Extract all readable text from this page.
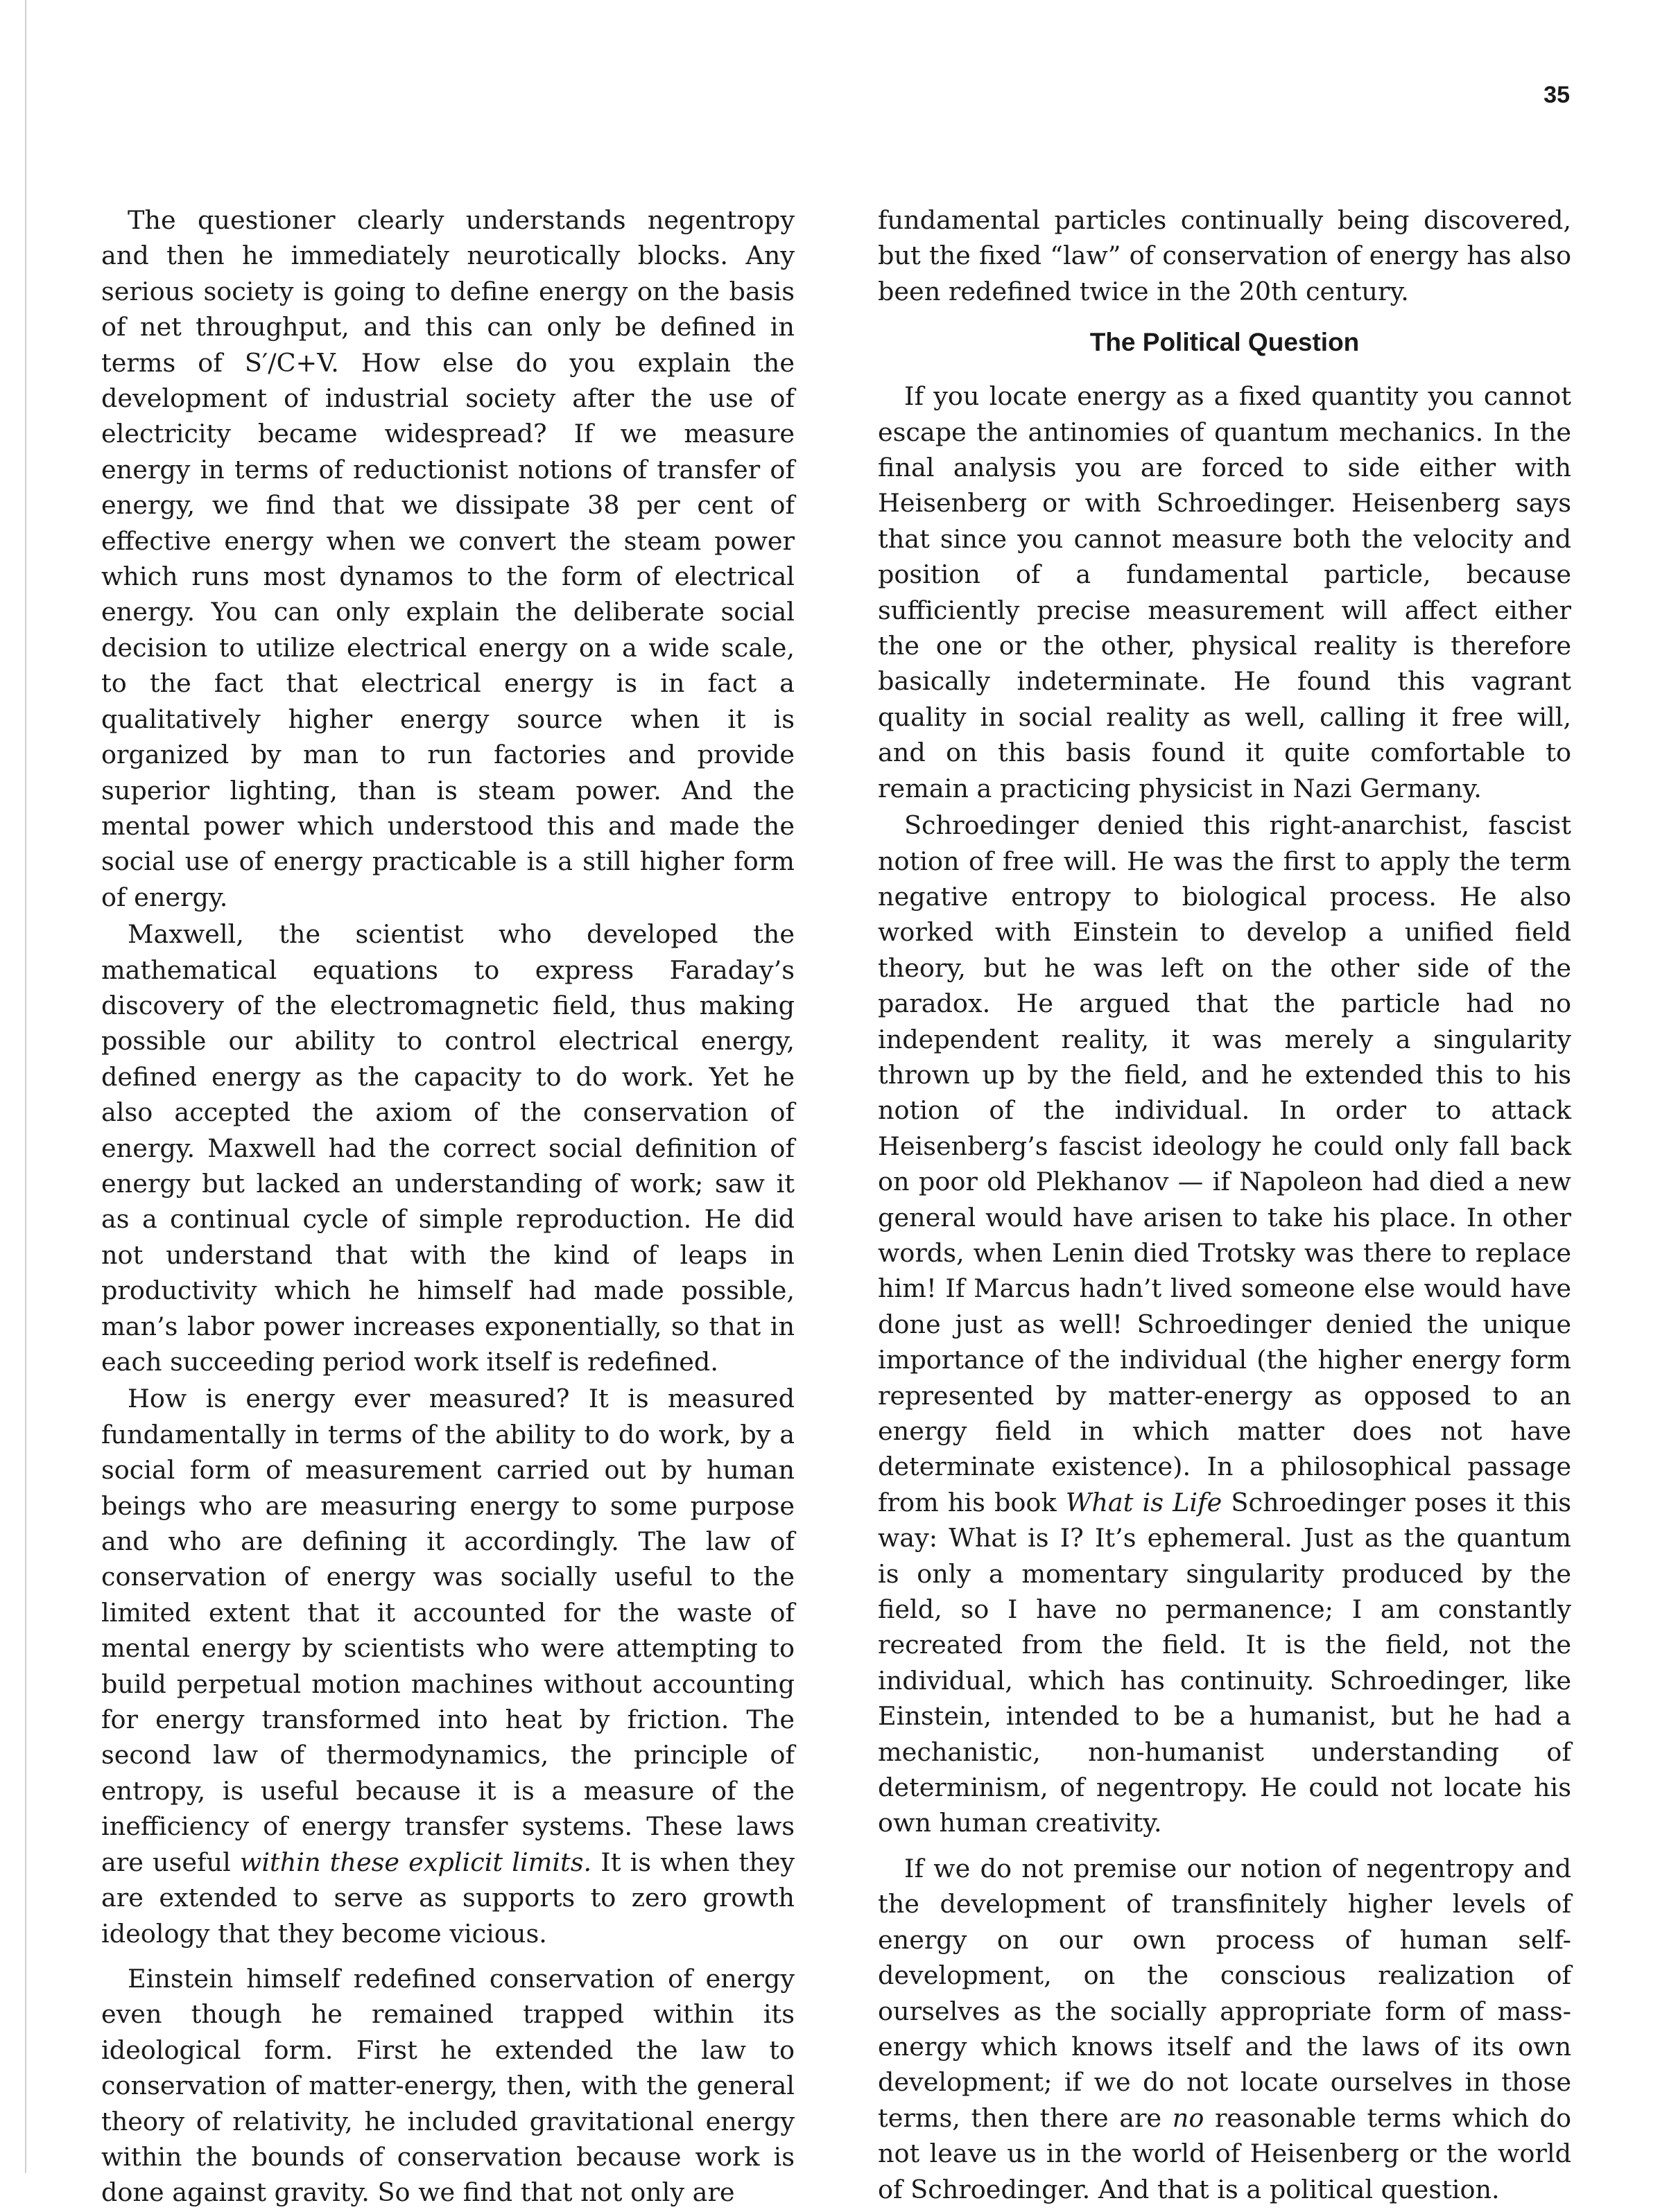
35

The questioner clearly understands negentropy and then he immediately neurotically blocks. Any serious society is going to define energy on the basis of net throughput, and this can only be defined in terms of S′/C+V. How else do you explain the development of industrial society after the use of electricity became widespread? If we measure energy in terms of reductionist notions of transfer of energy, we find that we dissipate 38 per cent of effective energy when we convert the steam power which runs most dynamos to the form of electrical energy. You can only explain the deliberate social decision to utilize electrical energy on a wide scale, to the fact that electrical energy is in fact a qualitatively higher energy source when it is organized by man to run factories and provide superior lighting, than is steam power. And the mental power which understood this and made the social use of energy practicable is a still higher form of energy.

Maxwell, the scientist who developed the mathematical equations to express Faraday’s discovery of the electromagnetic field, thus making possible our ability to control electrical energy, defined energy as the capacity to do work. Yet he also accepted the axiom of the conservation of energy. Maxwell had the correct social definition of energy but lacked an understanding of work; saw it as a continual cycle of simple reproduction. He did not understand that with the kind of leaps in productivity which he himself had made possible, man’s labor power increases exponentially, so that in each succeeding period work itself is redefined.

How is energy ever measured? It is measured fundamentally in terms of the ability to do work, by a social form of measurement carried out by human beings who are measuring energy to some purpose and who are defining it accordingly. The law of conservation of energy was socially useful to the limited extent that it accounted for the waste of mental energy by scientists who were attempting to build perpetual motion machines without accounting for energy transformed into heat by friction. The second law of thermodynamics, the principle of entropy, is useful because it is a measure of the inefficiency of energy transfer systems. These laws are useful within these explicit limits. It is when they are extended to serve as supports to zero growth ideology that they become vicious.

Einstein himself redefined conservation of energy even though he remained trapped within its ideological form. First he extended the law to conservation of matter-energy, then, with the general theory of relativity, he included gravitational energy within the bounds of conservation because work is done against gravity. So we find that not only are

fundamental particles continually being discovered, but the fixed “law” of conservation of energy has also been redefined twice in the 20th century.

The Political Question

If you locate energy as a fixed quantity you cannot escape the antinomies of quantum mechanics. In the final analysis you are forced to side either with Heisenberg or with Schroedinger. Heisenberg says that since you cannot measure both the velocity and position of a fundamental particle, because sufficiently precise measurement will affect either the one or the other, physical reality is therefore basically indeterminate. He found this vagrant quality in social reality as well, calling it free will, and on this basis found it quite comfortable to remain a practicing physicist in Nazi Germany.

Schroedinger denied this right-anarchist, fascist notion of free will. He was the first to apply the term negative entropy to biological process. He also worked with Einstein to develop a unified field theory, but he was left on the other side of the paradox. He argued that the particle had no independent reality, it was merely a singularity thrown up by the field, and he extended this to his notion of the individual. In order to attack Heisenberg’s fascist ideology he could only fall back on poor old Plekhanov — if Napoleon had died a new general would have arisen to take his place. In other words, when Lenin died Trotsky was there to replace him! If Marcus hadn’t lived someone else would have done just as well! Schroedinger denied the unique importance of the individual (the higher energy form represented by matter-energy as opposed to an energy field in which matter does not have determinate existence). In a philosophical passage from his book What is Life Schroedinger poses it this way: What is I? It’s ephemeral. Just as the quantum is only a momentary singularity produced by the field, so I have no permanence; I am constantly recreated from the field. It is the field, not the individual, which has continuity. Schroedinger, like Einstein, intended to be a humanist, but he had a mechanistic, non-humanist understanding of determinism, of negentropy. He could not locate his own human creativity.

If we do not premise our notion of negentropy and the development of transfinitely higher levels of energy on our own process of human self-development, on the conscious realization of ourselves as the socially appropriate form of mass-energy which knows itself and the laws of its own development; if we do not locate ourselves in those terms, then there are no reasonable terms which do not leave us in the world of Heisenberg or the world of Schroedinger. And that is a political question.
